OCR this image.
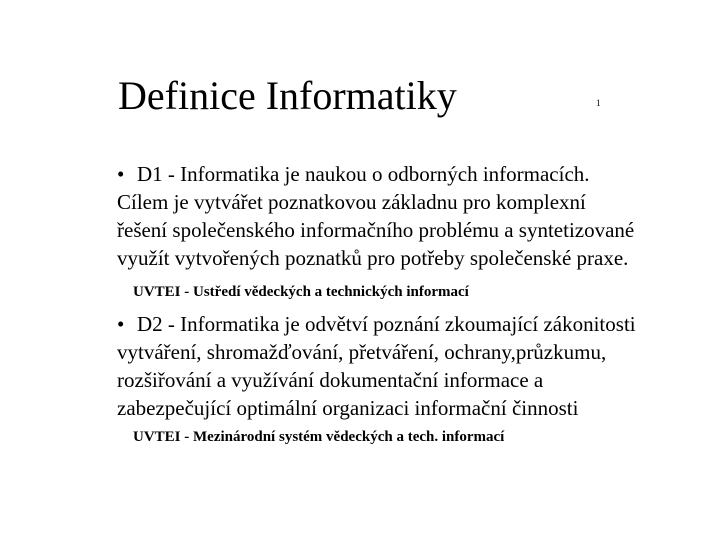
Definice Informatiky	1
• D1 - Informatika je naukou o odborných informacích.
Cílem je vytvářet poznatkovou základnu pro komplexní
řešení společenského informačního problému a syntetizované
využít vytvořených poznatků pro potřeby společenské praxe.
UVTEI - Ustředí vědeckých a technických informací
• D2 - Informatika je odvětví poznání zkoumající zákonitosti
vytváření, shromažďování, přetváření, ochrany,průzkumu,
rozšiřování a využívání dokumentační informace a
zabezpečující optimální organizaci informační činnosti
UVTEI - Mezinárodní systém vědeckých a tech. informací
